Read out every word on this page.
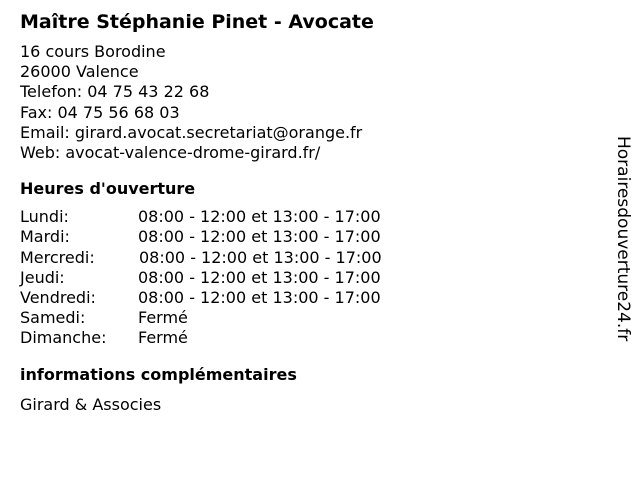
Maître Stéphanie Pinet - Avocate
16 cours Borodine
26000 Valence
Telefon: 04 75 43 22 68
Fax: 04 75 56 68 03
Email: girard.avocat.secretariat@orange.fr
Web: avocat-valence-drome-girard.fr/
Heures d'ouverture
Lundi:	08:00 - 12:00 et 13:00 - 17:00
Mardi:	08:00 - 12:00 et 13:00 - 17:00
Mercredi:	08:00 - 12:00 et 13:00 - 17:00
Jeudi:	08:00 - 12:00 et 13:00 - 17:00
Vendredi:	08:00 - 12:00 et 13:00 - 17:00
Samedi:	Fermé
Dimanche: Fermé
informations complémentaires
Girard & Associes
Horairesdouverture24.fr
